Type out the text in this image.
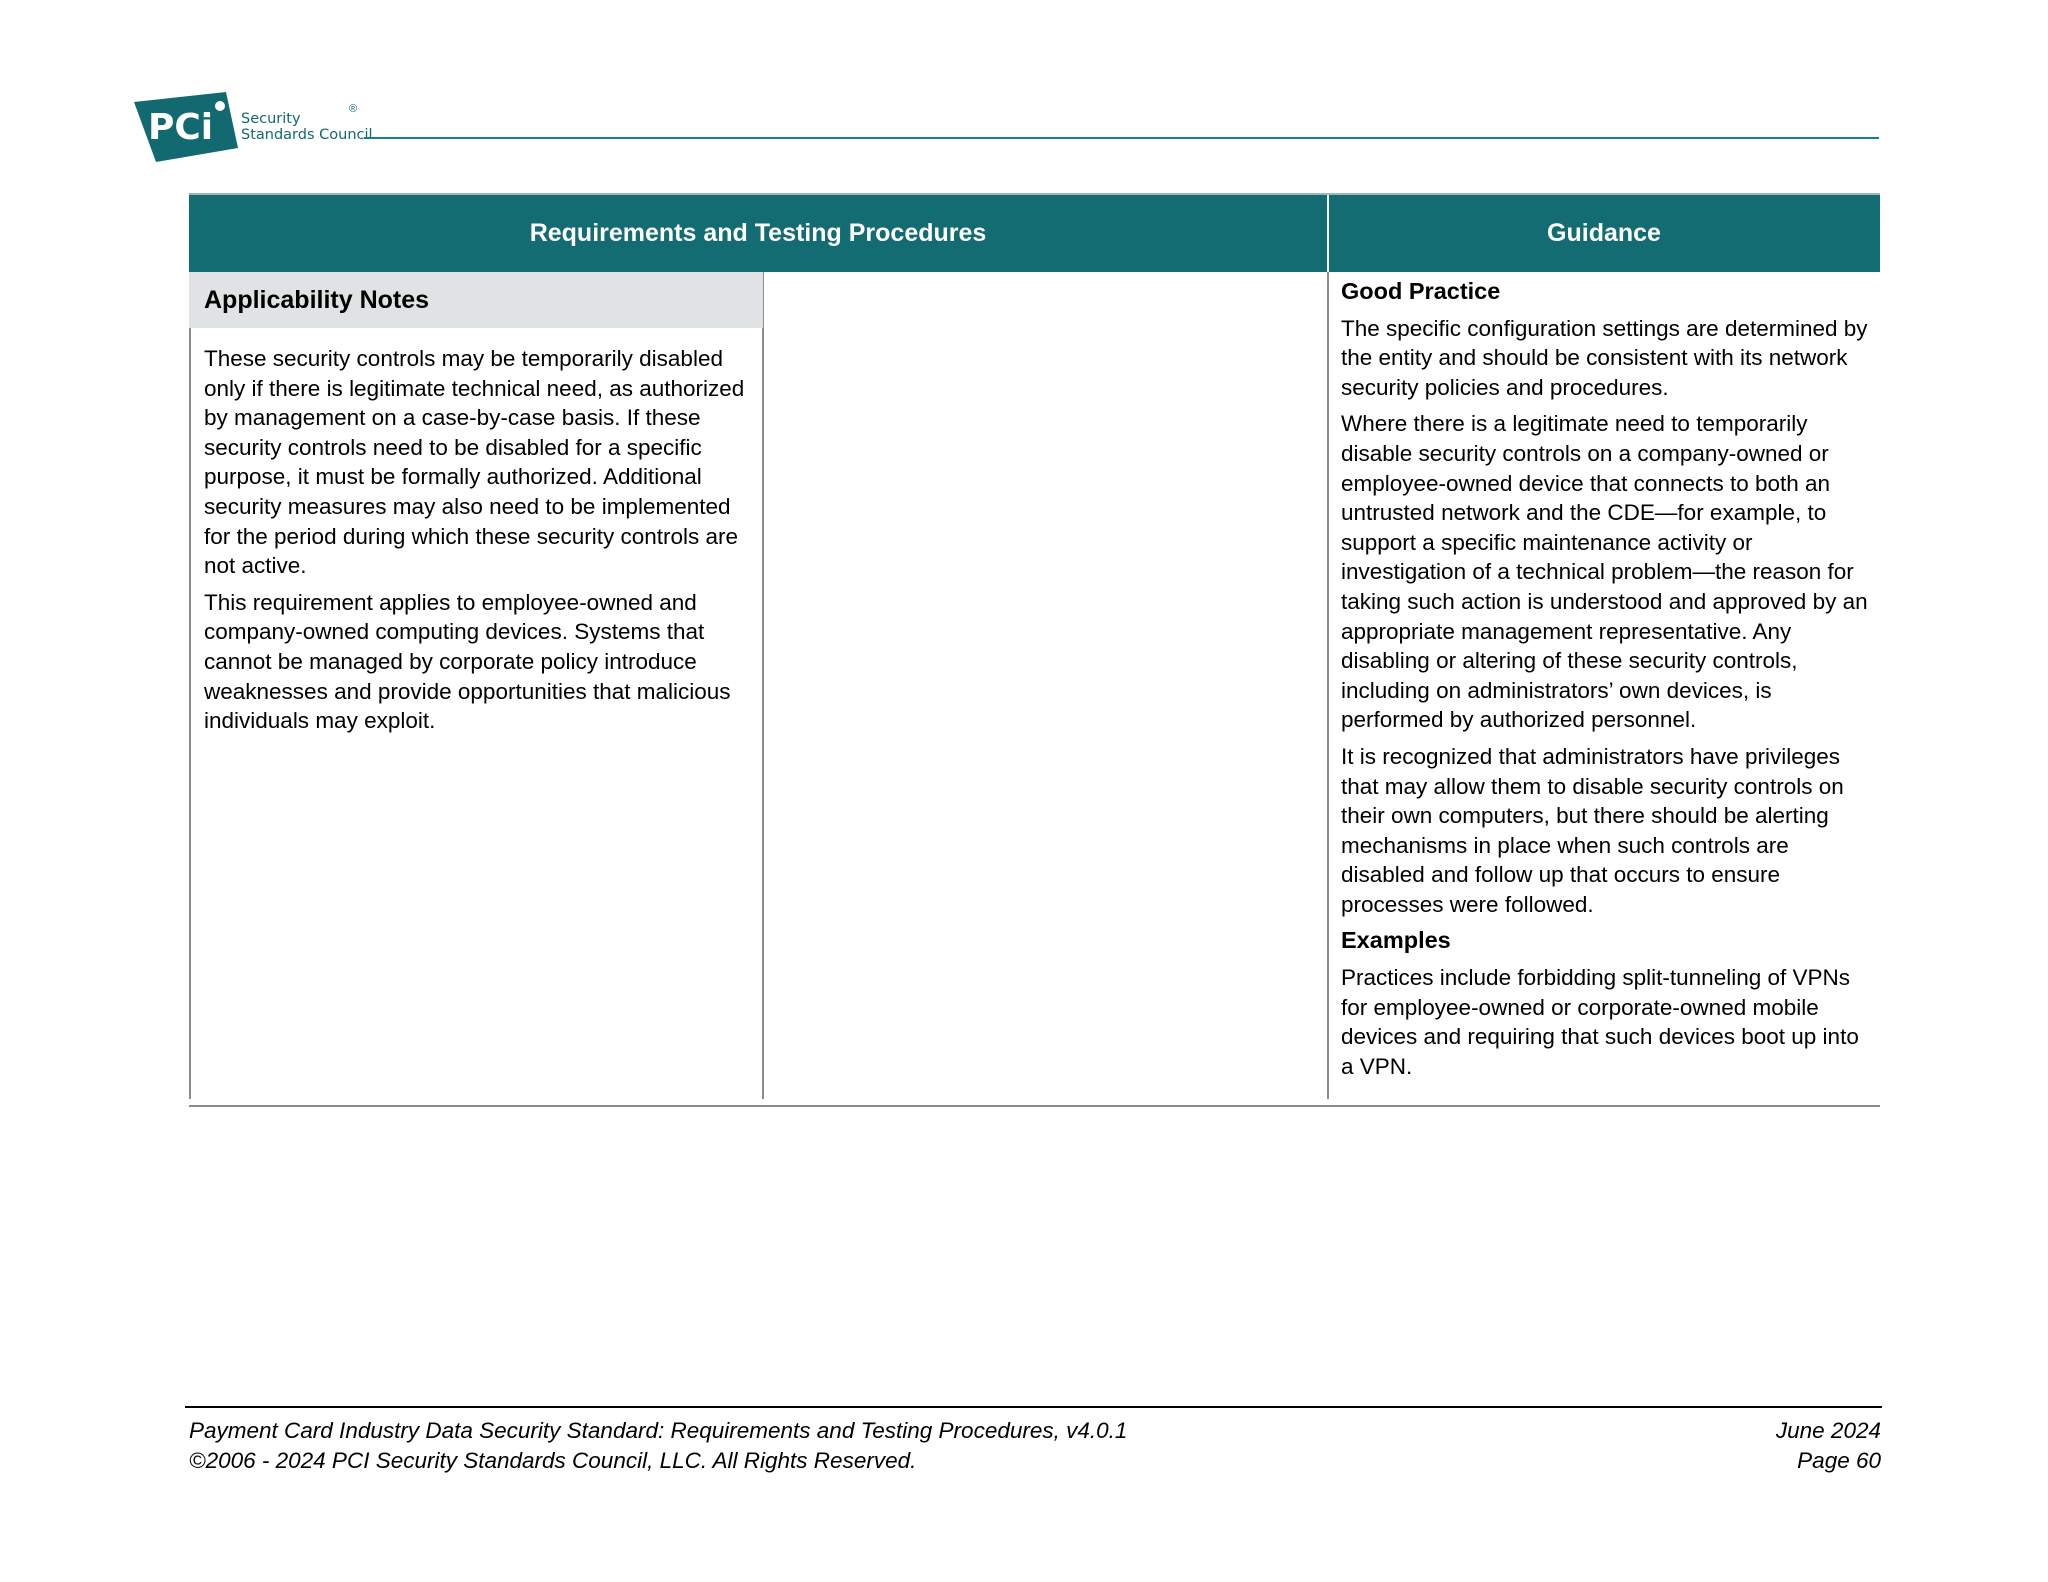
PCi Security
Standards Council
®
Requirements and Testing Procedures	Guidance
Applicability Notes

These security controls may be temporarily disabled only if there is legitimate technical need, as authorized by management on a case-by-case basis. If these security controls need to be disabled for a specific purpose, it must be formally authorized. Additional security measures may also need to be implemented for the period during which these security controls are not active.

This requirement applies to employee-owned and company-owned computing devices. Systems that cannot be managed by corporate policy introduce weaknesses and provide opportunities that malicious individuals may exploit.

Good Practice

The specific configuration settings are determined by the entity and should be consistent with its network security policies and procedures.

Where there is a legitimate need to temporarily disable security controls on a company-owned or employee-owned device that connects to both an untrusted network and the CDE—for example, to support a specific maintenance activity or investigation of a technical problem—the reason for taking such action is understood and approved by an appropriate management representative. Any disabling or altering of these security controls, including on administrators’ own devices, is performed by authorized personnel.

It is recognized that administrators have privileges that may allow them to disable security controls on their own computers, but there should be alerting mechanisms in place when such controls are disabled and follow up that occurs to ensure processes were followed.

Examples

Practices include forbidding split-tunneling of VPNs for employee-owned or corporate-owned mobile devices and requiring that such devices boot up into a VPN.

Payment Card Industry Data Security Standard: Requirements and Testing Procedures, v4.0.1
©2006 - 2024 PCI Security Standards Council, LLC. All Rights Reserved.
June 2024
Page 60
